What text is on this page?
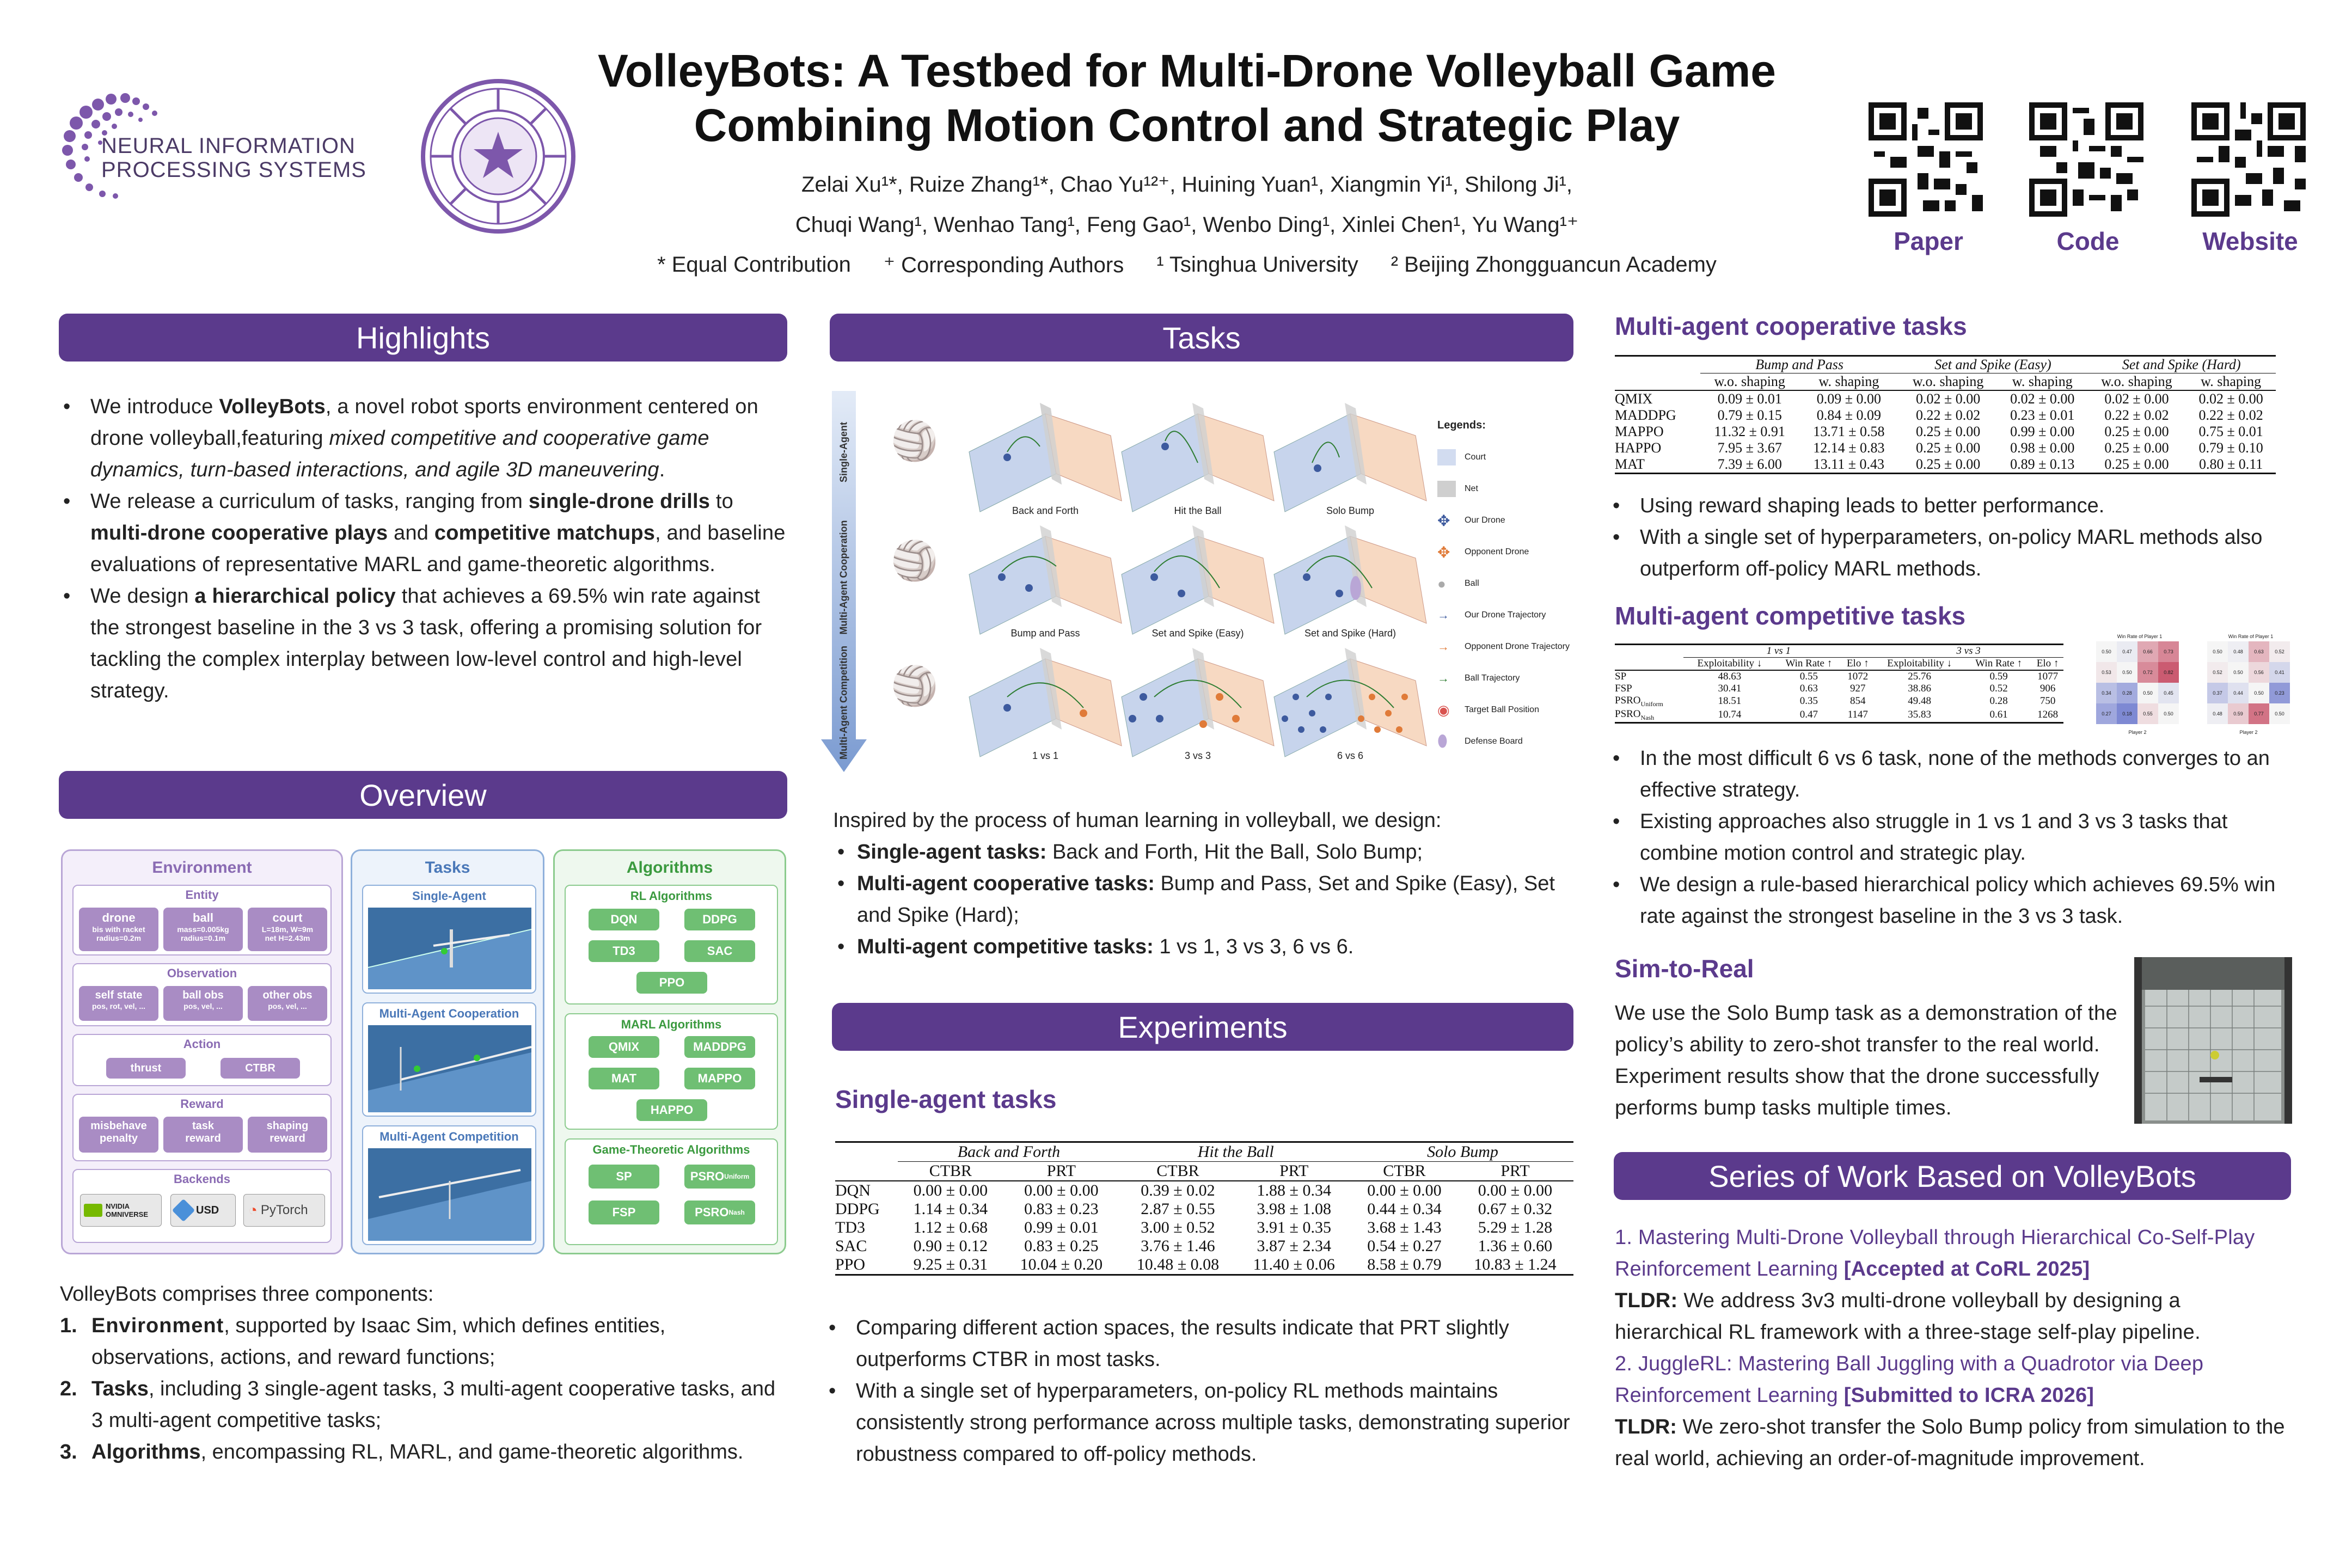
NEURAL INFORMATION
PROCESSING SYSTEMS
VolleyBots: A Testbed for Multi-Drone Volleyball Game
Combining Motion Control and Strategic Play
Zelai Xu¹*, Ruize Zhang¹*, Chao Yu¹²⁺, Huining Yuan¹, Xiangmin Yi¹, Shilong Ji¹,
Chuqi Wang¹, Wenhao Tang¹, Feng Gao¹, Wenbo Ding¹, Xinlei Chen¹, Yu Wang¹⁺
* Equal Contribution ⁺ Corresponding Authors ¹ Tsinghua University ² Beijing Zhongguancun Academy
Paper	Code	Website
Highlights
• We introduce VolleyBots, a novel robot sports environment centered on drone volleyball,featuring mixed competitive and cooperative game dynamics, turn-based interactions, and agile 3D maneuvering.
• We release a curriculum of tasks, ranging from single-drone drills to multi-drone cooperative plays and competitive matchups, and baseline evaluations of representative MARL and game-theoretic algorithms.
• We design a hierarchical policy that achieves a 69.5% win rate against the strongest baseline in the 3 vs 3 task, offering a promising solution for tackling the complex interplay between low-level control and high-level strategy.
Overview
Environment
Entity
drone
bis with racket
radius=0.2m
ball
mass=0.005kg
radius=0.1m
court
L=18m, W=9m
net H=2.43m
Observation
self state
pos, rot, vel, ...
ball obs
pos, vel, ...
other obs
pos, vel, ...
Action
thrust	CTBR
Reward
misbehave
penalty
task
reward
shaping
reward
Backends
NVIDIA OMNIVERSE	USD ◔ PyTorch
Tasks
Single-Agent
Multi-Agent Cooperation
Multi-Agent Competition
Algorithms
RL Algorithms
DQN	DDPG
TD3	SAC
PPO
MARL Algorithms
QMIX	MADDPG
MAT	MAPPO
HAPPO
Game-Theoretic Algorithms
SP	PSRO Uniform
FSP	PSRO Nash
VolleyBots comprises three components:
1. Environment, supported by Isaac Sim, which defines entities, observations, actions, and reward functions;
2. Tasks, including 3 single-agent tasks, 3 multi-agent cooperative tasks, and 3 multi-agent competitive tasks;
3. Algorithms, encompassing RL, MARL, and game-theoretic algorithms.
Tasks
Single-Agent
Multi-Agent Cooperation
Multi-Agent Competition
🏐
🏐
🏐
Back and Forth	Hit the Ball	Solo Bump
Bump and Pass	Set and Spike (Easy)	Set and Spike (Hard)
1 vs 1	3 vs 3	6 vs 6
Legends:
Court
Net
✥	Our Drone
✥	Opponent Drone
●	Ball
→	Our Drone Trajectory
→	Opponent Drone Trajectory
→	Ball Trajectory
◉	Target Ball Position
⬮	Defense Board
Inspired by the process of human learning in volleyball, we design:
• Single-agent tasks: Back and Forth, Hit the Ball, Solo Bump;
• Multi-agent cooperative tasks: Bump and Pass, Set and Spike (Easy), Set and Spike (Hard);
• Multi-agent competitive tasks: 1 vs 1, 3 vs 3, 6 vs 6.
Experiments
Single-agent tasks
	Back and Forth		Hit the Ball		Solo Bump	
	CTBR	PRT	CTBR	PRT	CTBR	PRT
DQN	0.00 ± 0.00	0.00 ± 0.00	0.39 ± 0.02	1.88 ± 0.34	0.00 ± 0.00	0.00 ± 0.00
DDPG	1.14 ± 0.34	0.83 ± 0.23	2.87 ± 0.55	3.98 ± 1.08	0.44 ± 0.34	0.67 ± 0.32
TD3	1.12 ± 0.68	0.99 ± 0.01	3.00 ± 0.52	3.91 ± 0.35	3.68 ± 1.43	5.29 ± 1.28
SAC	0.90 ± 0.12	0.83 ± 0.25	3.76 ± 1.46	3.87 ± 2.34	0.54 ± 0.27	1.36 ± 0.60
PPO	9.25 ± 0.31	10.04 ± 0.20	10.48 ± 0.08	11.40 ± 0.06	8.58 ± 0.79	10.83 ± 1.24
• Comparing different action spaces, the results indicate that PRT slightly outperforms CTBR in most tasks.
• With a single set of hyperparameters, on-policy RL methods maintains consistently strong performance across multiple tasks, demonstrating superior robustness compared to off-policy methods.
Multi-agent cooperative tasks
	Bump and Pass		Set and Spike (Easy)		Set and Spike (Hard)	
	w.o. shaping	w. shaping	w.o. shaping	w. shaping	w.o. shaping	w. shaping
QMIX	0.09 ± 0.01	0.09 ± 0.00	0.02 ± 0.00	0.02 ± 0.00	0.02 ± 0.00	0.02 ± 0.00
MADDPG	0.79 ± 0.15	0.84 ± 0.09	0.22 ± 0.02	0.23 ± 0.01	0.22 ± 0.02	0.22 ± 0.02
MAPPO	11.32 ± 0.91	13.71 ± 0.58	0.25 ± 0.00	0.99 ± 0.00	0.25 ± 0.00	0.75 ± 0.01
HAPPO	7.95 ± 3.67	12.14 ± 0.83	0.25 ± 0.00	0.98 ± 0.00	0.25 ± 0.00	0.79 ± 0.10
MAT	7.39 ± 6.00	13.11 ± 0.43	0.25 ± 0.00	0.89 ± 0.13	0.25 ± 0.00	0.80 ± 0.11
• Using reward shaping leads to better performance.
• With a single set of hyperparameters, on-policy MARL methods also outperform off-policy MARL methods.
Multi-agent competitive tasks
	1 vs 1			3 vs 3		
	Exploitability ↓	Win Rate ↑	Elo ↑	Exploitability ↓	Win Rate ↑	Elo ↑
SP	48.63	0.55	1072	25.76	0.59	1077
FSP	30.41	0.63	927	38.86	0.52	906
$PSRO_{Uniform}$	18.51	0.35	854	49.48	0.28	750
$PSRO_{Nash}$	10.74	0.47	1147	35.83	0.61	1268
Win Rate of Player 1
0.50	0.47	0.66	0.73
0.53	0.50	0.72	0.82
0.34	0.28	0.50	0.45
0.27	0.18	0.55	0.50
Player 2
Win Rate of Player 1
0.50	0.48	0.63	0.52
0.52	0.50	0.56	0.41
0.37	0.44	0.50	0.23
0.48	0.59	0.77	0.50
Player 2
• In the most difficult 6 vs 6 task, none of the methods converges to an effective strategy.
• Existing approaches also struggle in 1 vs 1 and 3 vs 3 tasks that combine motion control and strategic play.
• We design a rule-based hierarchical policy which achieves 69.5% win rate against the strongest baseline in the 3 vs 3 task.
Sim-to-Real
We use the Solo Bump task as a demonstration of the policy’s ability to zero-shot transfer to the real world. Experiment results show that the drone successfully performs bump tasks multiple times.
Series of Work Based on VolleyBots
1. Mastering Multi-Drone Volleyball through Hierarchical Co-Self-Play Reinforcement Learning [Accepted at CoRL 2025]
TLDR: We address 3v3 multi-drone volleyball by designing a hierarchical RL framework with a three-stage self-play pipeline.
2. JuggleRL: Mastering Ball Juggling with a Quadrotor via Deep Reinforcement Learning [Submitted to ICRA 2026]
TLDR: We zero-shot transfer the Solo Bump policy from simulation to the real world, achieving an order-of-magnitude improvement.
